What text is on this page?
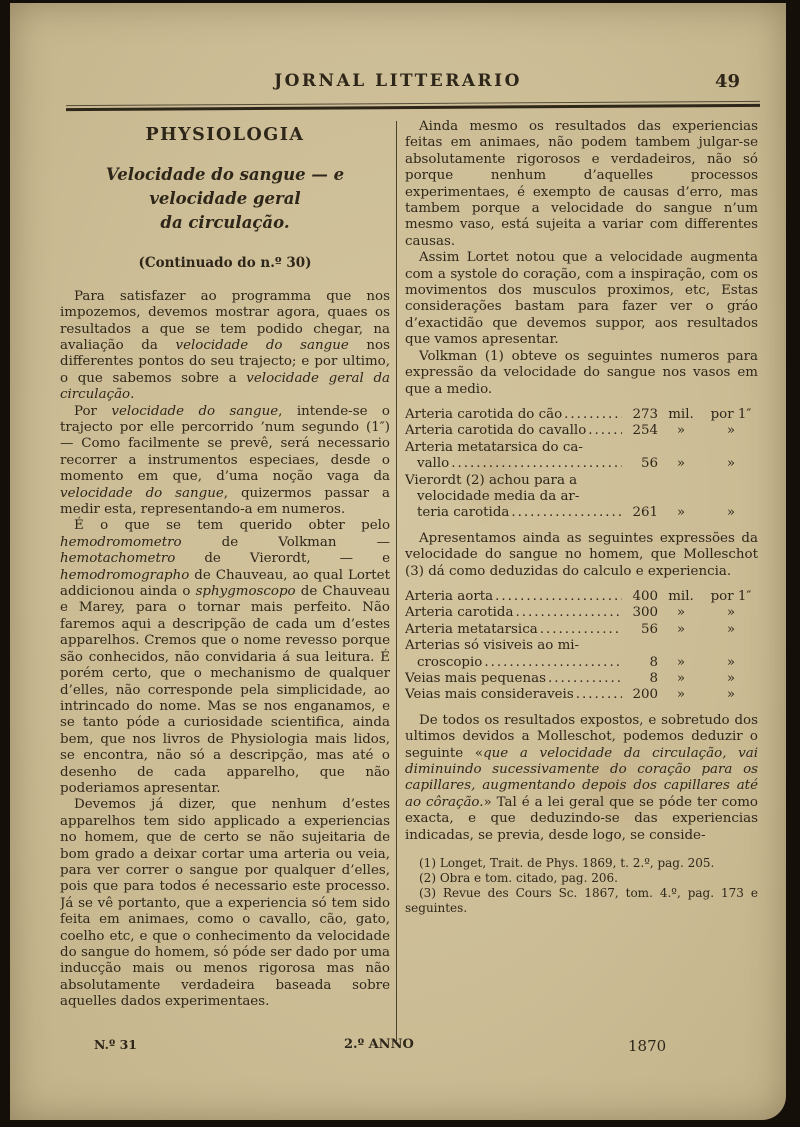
JORNAL LITTERARIO	49
PHYSIOLOGIA
Velocidade do sangue — e velocidade geral
da circulação.
(Continuado do n.º 30)

Para satisfazer ao programma que nos impozemos, devemos mostrar agora, quaes os resultados a que se tem podido chegar, na avaliação da velocidade do sangue nos differentes pontos do seu trajecto; e por ultimo, o que sabemos sobre a velocidade geral da circulação.

Por velocidade do sangue, intende-se o trajecto por elle percorrido ’num segundo (1″) — Como facilmente se prevê, será necessario recorrer a instrumentos especiaes, desde o momento em que, d’uma noção vaga da velocidade do sangue, quizermos passar a medir esta, representando-a em numeros.

É o que se tem querido obter pelo hemodromometro de Volkman — hemotachometro de Vierordt, — e hemodromographo de Chauveau, ao qual Lortet addicionou ainda o sphygmoscopo de Chauveau e Marey, para o tornar mais perfeito. Não faremos aqui a descripção de cada um d’estes apparelhos. Cremos que o nome revesso porque são conhecidos, não convidaria á sua leitura. É porém certo, que o mechanismo de qualquer d’elles, não corresponde pela simplicidade, ao intrincado do nome. Mas se nos enganamos, e se tanto póde a curiosidade scientifica, ainda bem, que nos livros de Physiologia mais lidos, se encontra, não só a descripção, mas até o desenho de cada apparelho, que não poderiamos apresentar.

Devemos já dizer, que nenhum d’estes apparelhos tem sido applicado a experiencias no homem, que de certo se não sujeitaria de bom grado a deixar cortar uma arteria ou veia, para ver correr o sangue por qualquer d’elles, pois que para todos é necessario este processo. Já se vê portanto, que a experiencia só tem sido feita em animaes, como o cavallo, cão, gato, coelho etc, e que o conhecimento da velocidade do sangue do homem, só póde ser dado por uma inducção mais ou menos rigorosa mas não absolutamente verdadeira baseada sobre aquelles dados experimentaes.

Ainda mesmo os resultados das experiencias feitas em animaes, não podem tambem julgar-se absolutamente rigorosos e verdadeiros, não só porque nenhum d’aquelles processos experimentaes, é exempto de causas d’erro, mas tambem porque a velocidade do sangue n’um mesmo vaso, está sujeita a variar com differentes causas.

Assim Lortet notou que a velocidade augmenta com a systole do coração, com a inspiração, com os movimentos dos musculos proximos, etc, Estas considerações bastam para fazer ver o gráo d’exactidão que devemos suppor, aos resultados que vamos apresentar.

Volkman (1) obteve os seguintes numeros para expressão da velocidade do sangue nos vasos em que a medio.

Arteria carotida do cão .....	273 mil.	por 1″
Arteria carotida do cavallo .....	254	»	»
Arteria metatarsica do ca-
vallo .....	56	»	»
Vierordt (2) achou para a
velocidade media da ar-
teria carotida .....	261	»	»

Apresentamos ainda as seguintes expressões da velocidade do sangue no homem, que Molleschot (3) dá como deduzidas do calculo e experiencia.

Arteria aorta .....	400 mil.	por 1″
Arteria carotida .....	300	»	»
Arteria metatarsica .....	56	»	»
Arterias só visiveis ao mi-
croscopio .....	8	»	»
Veias mais pequenas .....	8	»	»
Veias mais consideraveis .....	200	»	»

De todos os resultados expostos, e sobretudo dos ultimos devidos a Molleschot, podemos deduzir o seguinte «que a velocidade da circulação, vai diminuindo sucessivamente do coração para os capillares, augmentando depois dos capillares até ao côração.» Tal é a lei geral que se póde ter como exacta, e que deduzindo-se das experiencias indicadas, se previa, desde logo, se conside-

(1) Longet, Trait. de Phys. 1869, t. 2.º, pag. 205.
(2) Obra e tom. citado, pag. 206.
(3) Revue des Cours Sc. 1867, tom. 4.º, pag. 173 e seguintes.
N.º 31	2.º ANNO	1870
